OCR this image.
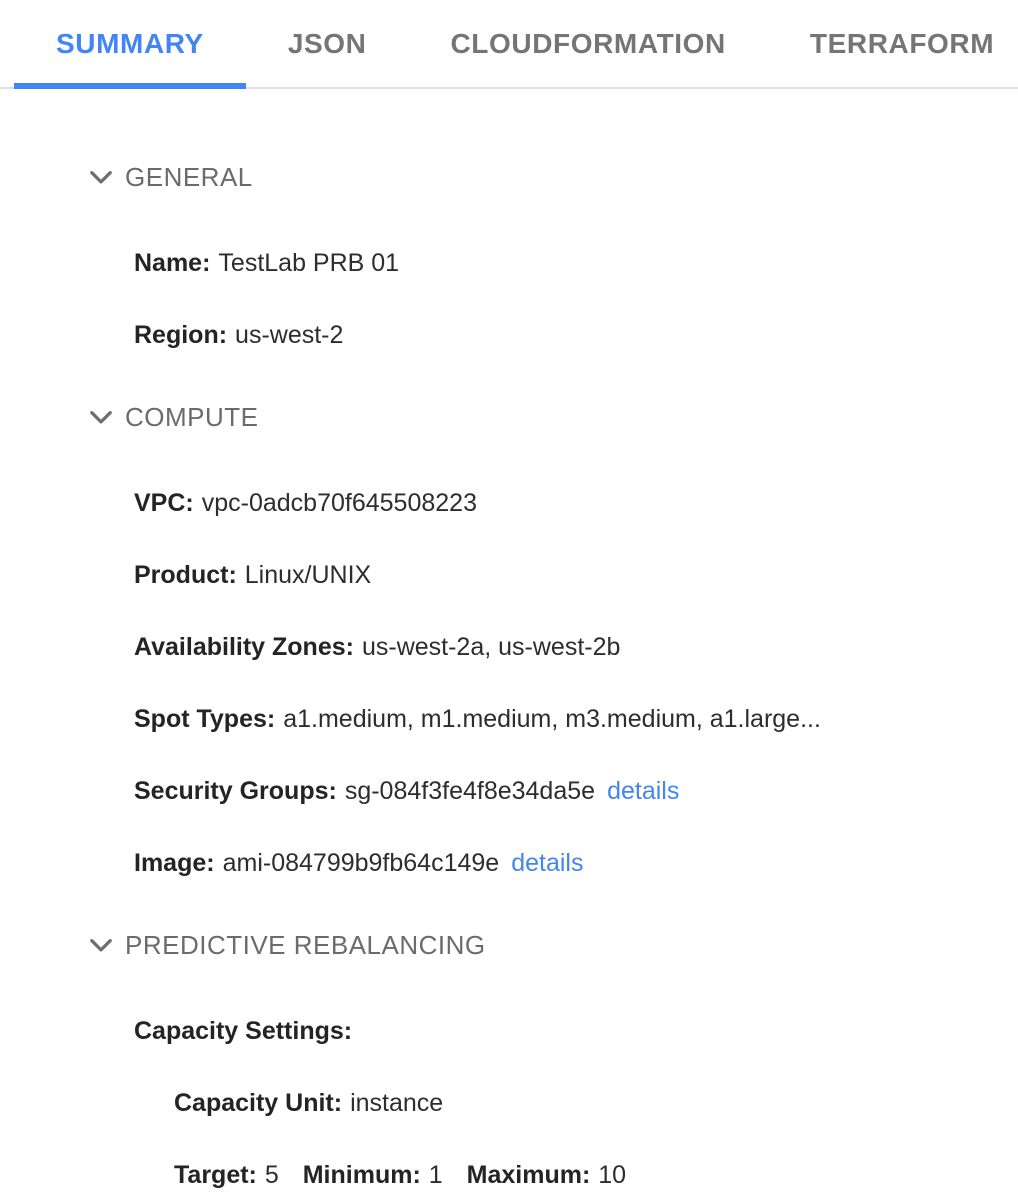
SUMMARY	JSON	CLOUDFORMATION	TERRAFORM
GENERAL
Name: TestLab PRB 01
Region: us-west-2
COMPUTE
VPC: vpc-0adcb70f645508223
Product: Linux/UNIX
Availability Zones: us-west-2a, us-west-2b
Spot Types: a1.medium, m1.medium, m3.medium, a1.large...
Security Groups: sg-084f3fe4f8e34da5e details
Image: ami-084799b9fb64c149e details
PREDICTIVE REBALANCING
Capacity Settings:
Capacity Unit: instance
Target: 5 Minimum: 1 Maximum: 10
